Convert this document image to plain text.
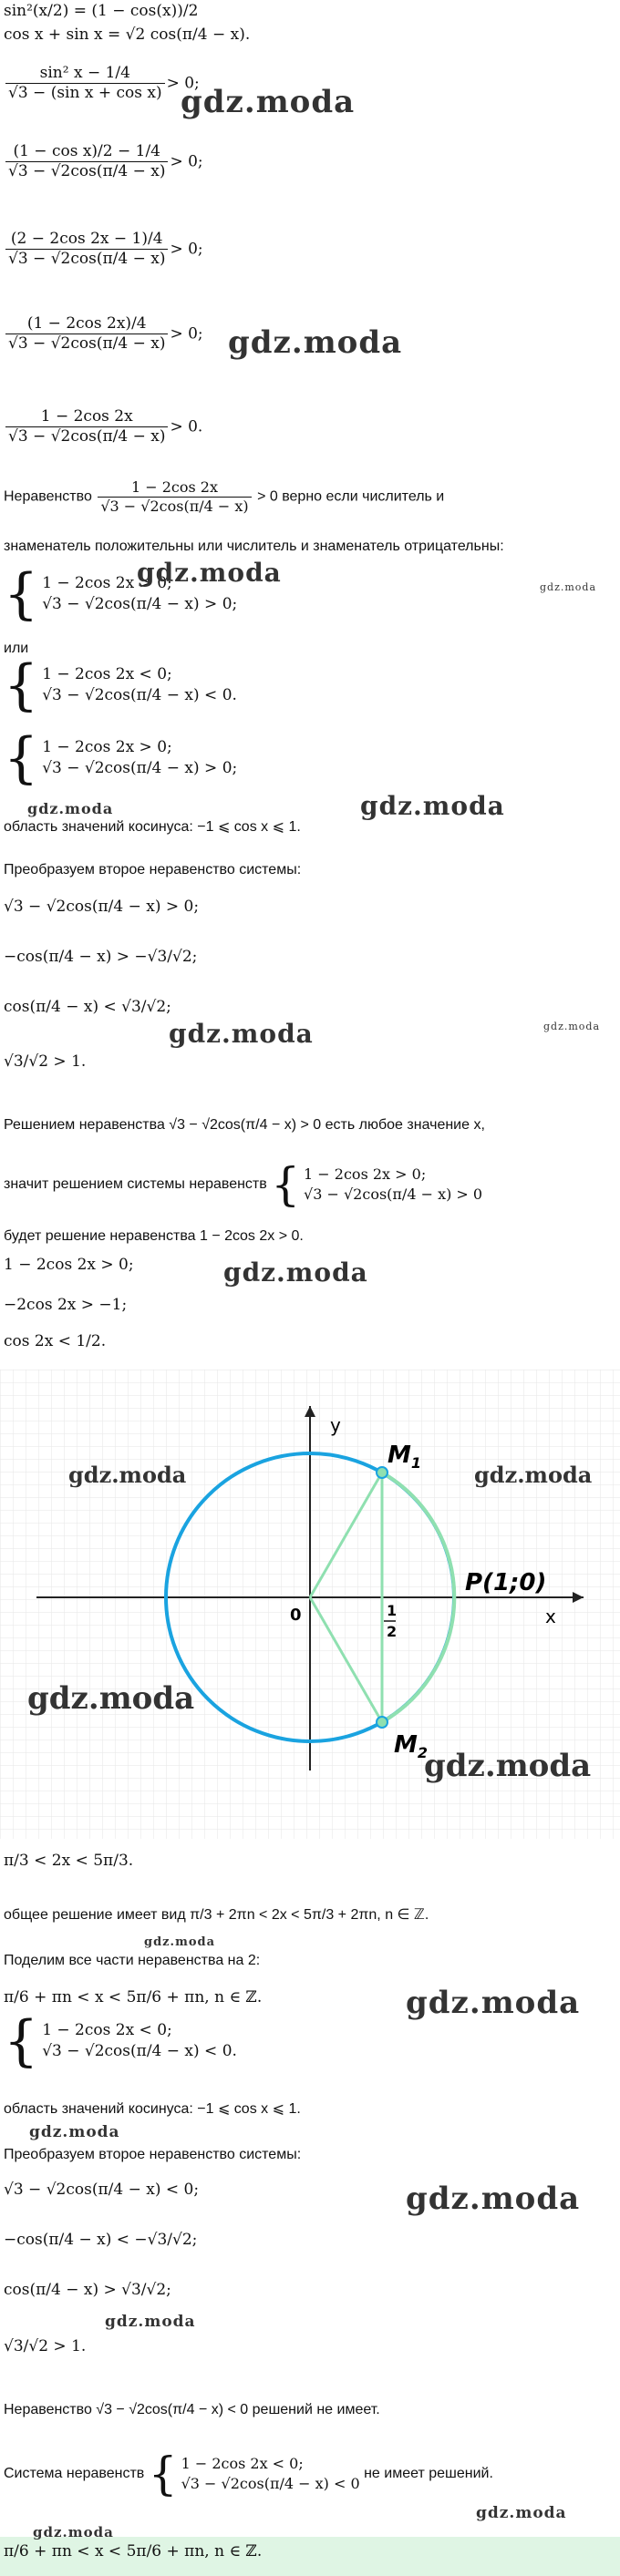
sin²(x/2) = (1 − cos(x))/2
cos x + sin x = √2 cos(π/4 − x).
$\frac{\text{sin² x − 1/4}}{\text{√3 − (sin x + cos x)}} > 0$;
gdz.moda
$\frac{\text{(1 − cos x)/2 − 1/4}}{√3 - √2\cos(\pi/4 - x)} > 0$;
$\frac{(2 - 2\cos 2x - 1)/4}{√3 - √2\cos(\pi/4 - x)} > 0$;
$\frac{(1 - 2\cos 2x)/4}{√3 - √2\cos(\pi/4 - x)} > 0$; gdz.moda
$\frac{1 - 2\cos 2x}{√3 - √2\cos(\pi/4 - x)} > 0$.
Неравенство $\frac{1 - 2\cos 2x}{√3 - √2\cos(\pi/4 - x)} > 0$ верно если числитель и
знаменатель положительны или числитель и знаменатель отрицательны:
{ 1 − 2cos 2x > 0;
√3 − √2cos(π/4 − x) > 0;
gdz.moda	gdz.moda
или
{ 1 − 2cos 2x < 0;
√3 − √2cos(π/4 − x) < 0.
{ 1 − 2cos 2x > 0;
√3 − √2cos(π/4 − x) > 0;
gdz.moda	gdz.moda
область значений косинуса: −1 ⩽ cos x ⩽ 1.
Преобразуем второе неравенство системы:
√3 − √2cos(π/4 − x) > 0;
−cos(π/4 − x) > −√3/√2;
cos(π/4 − x) < √3/√2;
gdz.moda	gdz.moda
√3/√2 > 1.
Решением неравенства √3 − √2cos(π/4 − x) > 0 есть любое значение x,
значит решением системы неравенств { 1 − 2cos 2x > 0;
√3 − √2cos(π/4 − x) > 0
будет решение неравенства 1 − 2cos 2x > 0.
1 − 2cos 2x > 0;	gdz.moda
−2cos 2x > −1;
cos 2x < 1/2.
y
x
0
$M_1$
$M_2$
P(1;0)
1
2
gdz.moda	gdz.moda
gdz.moda
gdz.moda
π/3 < 2x < 5π/3.
общее решение имеет вид π/3 + 2πn < 2x < 5π/3 + 2πn, n ∈ ℤ.
gdz.moda
Поделим все части неравенства на 2:
π/6 + πn < x < 5π/6 + πn, n ∈ ℤ.	gdz.moda
{ 1 − 2cos 2x < 0;
√3 − √2cos(π/4 − x) < 0.
область значений косинуса: −1 ⩽ cos x ⩽ 1.
gdz.moda
Преобразуем второе неравенство системы:
√3 − √2cos(π/4 − x) < 0;	gdz.moda
−cos(π/4 − x) < −√3/√2;
cos(π/4 − x) > √3/√2;
gdz.moda
√3/√2 > 1.
Неравенство √3 − √2cos(π/4 − x) < 0 решений не имеет.
Система неравенств { 1 − 2cos 2x < 0;
√3 − √2cos(π/4 − x) < 0
не имеет решений.
gdz.moda
gdz.moda
π/6 + πn < x < 5π/6 + πn, n ∈ ℤ.
